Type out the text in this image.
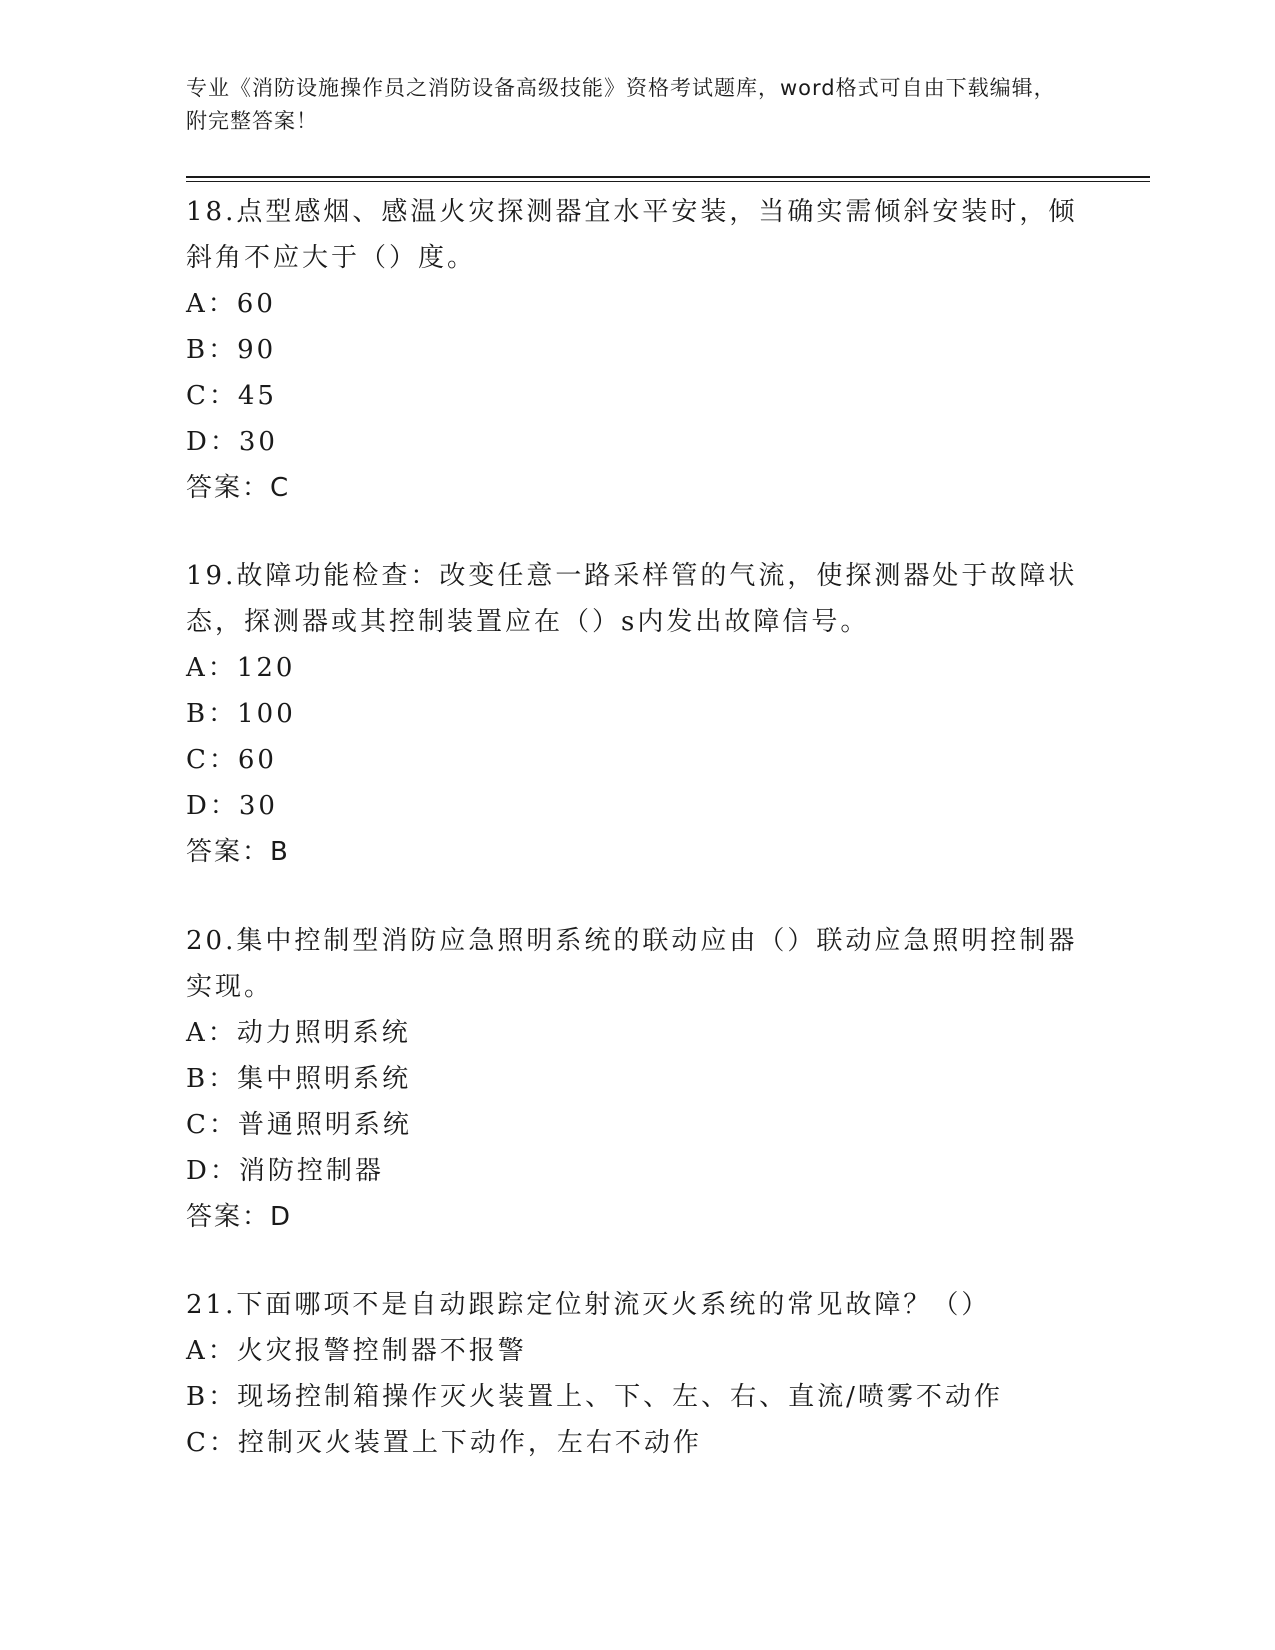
专业《消防设施操作员之消防设备高级技能》资格考试题库，word格式可自由下载编辑，附完整答案！
18.点型感烟、感温火灾探测器宜水平安装，当确实需倾斜安装时，倾斜角不应大于（）度。
A：60
B：90
C：45
D：30
答案：C
19.故障功能检查：改变任意一路采样管的气流，使探测器处于故障状态，探测器或其控制装置应在（）s内发出故障信号。
A：120
B：100
C：60
D：30
答案：B
20.集中控制型消防应急照明系统的联动应由（）联动应急照明控制器实现。
A：动力照明系统
B：集中照明系统
C：普通照明系统
D：消防控制器
答案：D
21.下面哪项不是自动跟踪定位射流灭火系统的常见故障？（）
A：火灾报警控制器不报警
B：现场控制箱操作灭火装置上、下、左、右、直流/喷雾不动作
C：控制灭火装置上下动作，左右不动作
